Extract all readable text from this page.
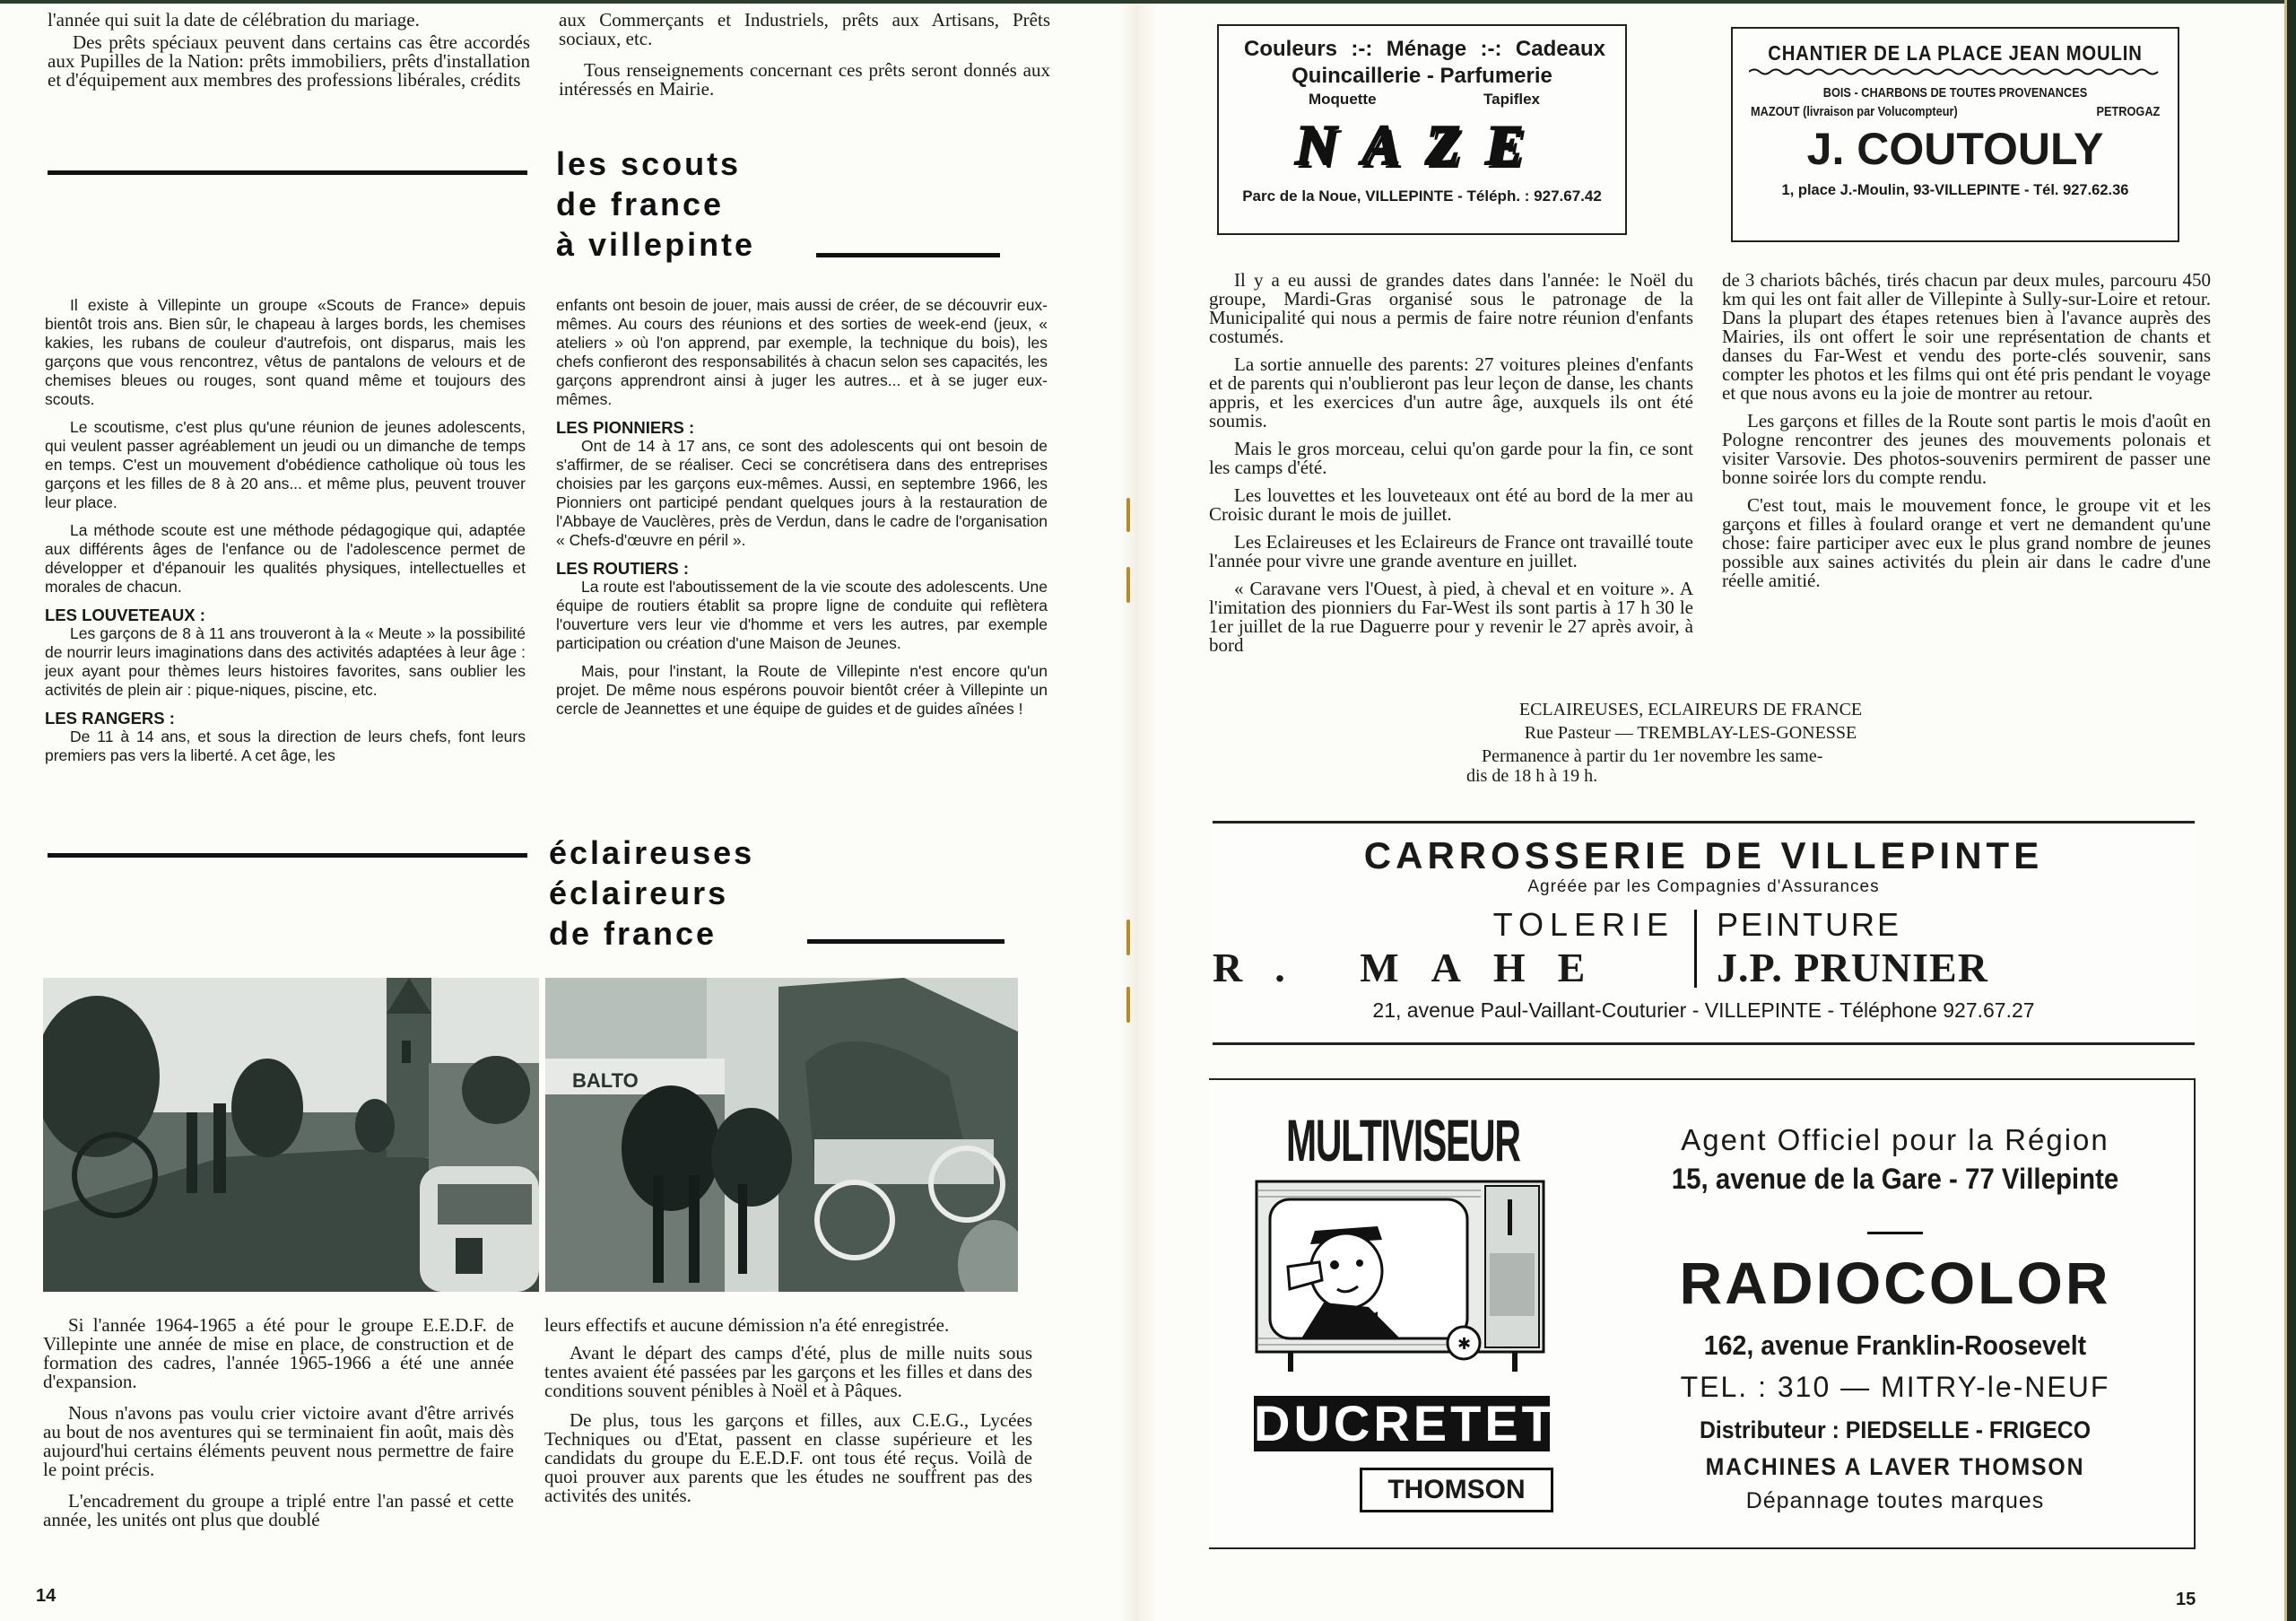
l'année qui suit la date de célébration du mariage.

Des prêts spéciaux peuvent dans certains cas être accordés aux Pupilles de la Nation: prêts immobiliers, prêts d'installation et d'équipement aux membres des professions libérales, crédits

aux Commerçants et Industriels, prêts aux Artisans, Prêts sociaux, etc.

Tous renseignements concernant ces prêts seront donnés aux intéressés en Mairie.

les scouts
de france
à villepinte

Il existe à Villepinte un groupe «Scouts de France» depuis bientôt trois ans. Bien sûr, le chapeau à larges bords, les chemises kakies, les rubans de couleur d'autrefois, ont disparus, mais les garçons que vous rencontrez, vêtus de pantalons de velours et de chemises bleues ou rouges, sont quand même et toujours des scouts.

Le scoutisme, c'est plus qu'une réunion de jeunes adolescents, qui veulent passer agréablement un jeudi ou un dimanche de temps en temps. C'est un mouvement d'obédience catholique où tous les garçons et les filles de 8 à 20 ans... et même plus, peuvent trouver leur place.

La méthode scoute est une méthode pédagogique qui, adaptée aux différents âges de l'enfance ou de l'adolescence permet de développer et d'épanouir les qualités physiques, intellectuelles et morales de chacun.

LES LOUVETEAUX :

Les garçons de 8 à 11 ans trouveront à la « Meute » la possibilité de nourrir leurs imaginations dans des activités adaptées à leur âge : jeux ayant pour thèmes leurs histoires favorites, sans oublier les activités de plein air : pique-niques, piscine, etc.

LES RANGERS :

De 11 à 14 ans, et sous la direction de leurs chefs, font leurs premiers pas vers la liberté. A cet âge, les

enfants ont besoin de jouer, mais aussi de créer, de se découvrir eux-mêmes. Au cours des réunions et des sorties de week-end (jeux, « ateliers » où l'on apprend, par exemple, la technique du bois), les chefs confieront des responsabilités à chacun selon ses capacités, les garçons apprendront ainsi à juger les autres... et à se juger eux-mêmes.

LES PIONNIERS :

Ont de 14 à 17 ans, ce sont des adolescents qui ont besoin de s'affirmer, de se réaliser. Ceci se concrétisera dans des entreprises choisies par les garçons eux-mêmes. Aussi, en septembre 1966, les Pionniers ont participé pendant quelques jours à la restauration de l'Abbaye de Vauclères, près de Verdun, dans le cadre de l'organisation « Chefs-d'œuvre en péril ».

LES ROUTIERS :

La route est l'aboutissement de la vie scoute des adolescents. Une équipe de routiers établit sa propre ligne de conduite qui reflètera l'ouverture vers leur vie d'homme et vers les autres, par exemple participation ou création d'une Maison de Jeunes.

Mais, pour l'instant, la Route de Villepinte n'est encore qu'un projet. De même nous espérons pouvoir bientôt créer à Villepinte un cercle de Jeannettes et une équipe de guides et de guides aînées !

éclaireuses
éclaireurs
de france
BALTO

Si l'année 1964-1965 a été pour le groupe E.E.D.F. de Villepinte une année de mise en place, de construction et de formation des cadres, l'année 1965-1966 a été une année d'expansion.

Nous n'avons pas voulu crier victoire avant d'être arrivés au bout de nos aventures qui se terminaient fin août, mais dès aujourd'hui certains éléments peuvent nous permettre de faire le point précis.

L'encadrement du groupe a triplé entre l'an passé et cette année, les unités ont plus que doublé

leurs effectifs et aucune démission n'a été enregistrée.

Avant le départ des camps d'été, plus de mille nuits sous tentes avaient été passées par les garçons et les filles et dans des conditions souvent pénibles à Noël et à Pâques.

De plus, tous les garçons et filles, aux C.E.G., Lycées Techniques ou d'Etat, passent en classe supérieure et les candidats du groupe du E.E.D.F. ont tous été reçus. Voilà de quoi prouver aux parents que les études ne souffrent pas des activités des unités.

14
Couleurs :-: Ménage :-: Cadeaux
Quincaillerie - Parfumerie
Moquette	Tapiflex
NAZE
Parc de la Noue, VILLEPINTE - Téléph. : 927.67.42
CHANTIER DE LA PLACE JEAN MOULIN
BOIS - CHARBONS DE TOUTES PROVENANCES
MAZOUT (livraison par Volucompteur)	PETROGAZ
J. COUTOULY
1, place J.-Moulin, 93-VILLEPINTE - Tél. 927.62.36

Il y a eu aussi de grandes dates dans l'année: le Noël du groupe, Mardi-Gras organisé sous le patronage de la Municipalité qui nous a permis de faire notre réunion d'enfants costumés.

La sortie annuelle des parents: 27 voitures pleines d'enfants et de parents qui n'oublieront pas leur leçon de danse, les chants appris, et les exercices d'un autre âge, auxquels ils ont été soumis.

Mais le gros morceau, celui qu'on garde pour la fin, ce sont les camps d'été.

Les louvettes et les louveteaux ont été au bord de la mer au Croisic durant le mois de juillet.

Les Eclaireuses et les Eclaireurs de France ont travaillé toute l'année pour vivre une grande aventure en juillet.

« Caravane vers l'Ouest, à pied, à cheval et en voiture ». A l'imitation des pionniers du Far-West ils sont partis à 17 h 30 le 1er juillet de la rue Daguerre pour y revenir le 27 après avoir, à bord

de 3 chariots bâchés, tirés chacun par deux mules, parcouru 450 km qui les ont fait aller de Villepinte à Sully-sur-Loire et retour. Dans la plupart des étapes retenues bien à l'avance auprès des Mairies, ils ont offert le soir une représentation de chants et danses du Far-West et vendu des porte-clés souvenir, sans compter les photos et les films qui ont été pris pendant le voyage et que nous avons eu la joie de montrer au retour.

Les garçons et filles de la Route sont partis le mois d'août en Pologne rencontrer des jeunes des mouvements polonais et visiter Varsovie. Des photos-souvenirs permirent de passer une bonne soirée lors du compte rendu.

C'est tout, mais le mouvement fonce, le groupe vit et les garçons et filles à foulard orange et vert ne demandent qu'une chose: faire participer avec eux le plus grand nombre de jeunes possible aux saines activités du plein air dans le cadre d'une réelle amitié.

ECLAIREUSES, ECLAIREURS DE FRANCE
Rue Pasteur — TREMBLAY-LES-GONESSE
Permanence à partir du 1er novembre les same-
dis de 18 h à 19 h.
CARROSSERIE DE VILLEPINTE
Agréée par les Compagnies d'Assurances
TOLERIE
R. MAHE
PEINTURE
J.P. PRUNIER
21, avenue Paul-Vaillant-Couturier - VILLEPINTE - Téléphone 927.67.27
MULTIVISEUR
✱
DUCRETET
THOMSON
Agent Officiel pour la Région
15, avenue de la Gare - 77 Villepinte
RADIOCOLOR
162, avenue Franklin-Roosevelt
TEL. : 310 — MITRY-le-NEUF
Distributeur : PIEDSELLE - FRIGECO
MACHINES A LAVER THOMSON
Dépannage toutes marques
15
